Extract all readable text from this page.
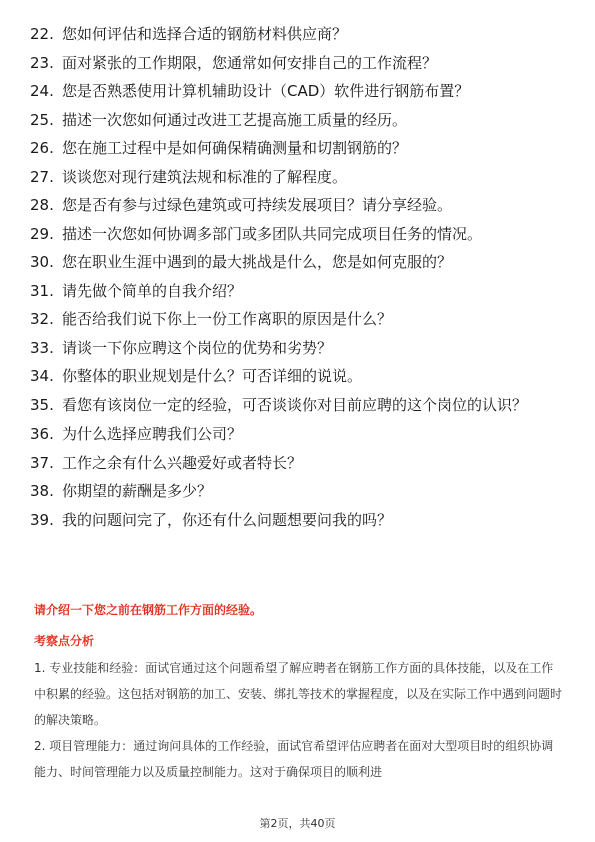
22. 您如何评估和选择合适的钢筋材料供应商？
23. 面对紧张的工作期限，您通常如何安排自己的工作流程？
24. 您是否熟悉使用计算机辅助设计（CAD）软件进行钢筋布置？
25. 描述一次您如何通过改进工艺提高施工质量的经历。
26. 您在施工过程中是如何确保精确测量和切割钢筋的？
27. 谈谈您对现行建筑法规和标准的了解程度。
28. 您是否有参与过绿色建筑或可持续发展项目？请分享经验。
29. 描述一次您如何协调多部门或多团队共同完成项目任务的情况。
30. 您在职业生涯中遇到的最大挑战是什么，您是如何克服的？
31. 请先做个简单的自我介绍？
32. 能否给我们说下你上一份工作离职的原因是什么？
33. 请谈一下你应聘这个岗位的优势和劣势？
34. 你整体的职业规划是什么？可否详细的说说。
35. 看您有该岗位一定的经验，可否谈谈你对目前应聘的这个岗位的认识？
36. 为什么选择应聘我们公司？
37. 工作之余有什么兴趣爱好或者特长？
38. 你期望的薪酬是多少？
39. 我的问题问完了，你还有什么问题想要问我的吗？
请介绍一下您之前在钢筋工作方面的经验。
考察点分析

1. 专业技能和经验：面试官通过这个问题希望了解应聘者在钢筋工作方面的具体技能，以及在工作中积累的经验。这包括对钢筋的加工、安装、绑扎等技术的掌握程度，以及在实际工作中遇到问题时的解决策略。

2. 项目管理能力：通过询问具体的工作经验，面试官希望评估应聘者在面对大型项目时的组织协调能力、时间管理能力以及质量控制能力。这对于确保项目的顺利进

第2页，共40页
